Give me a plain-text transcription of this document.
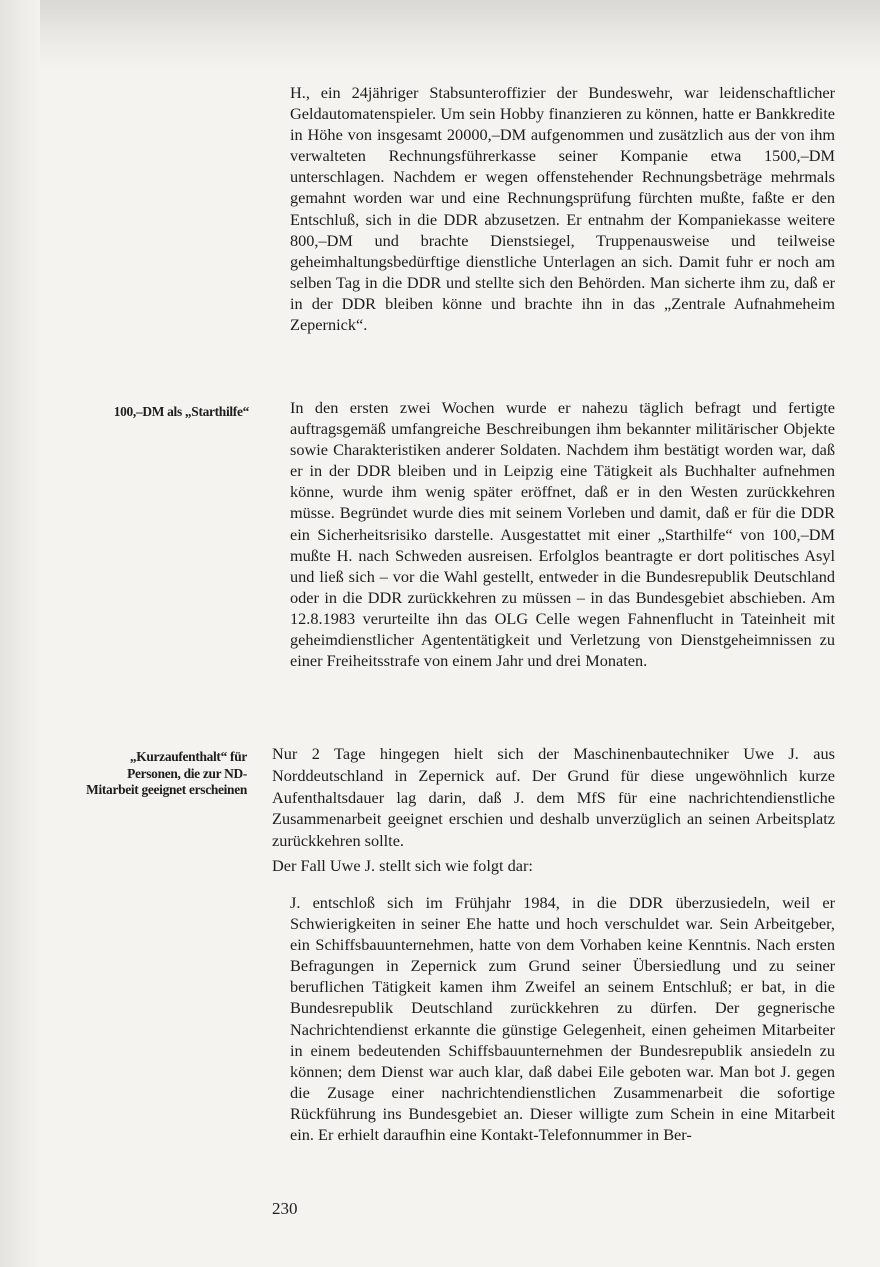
H., ein 24jähriger Stabsunteroffizier der Bundeswehr, war leidenschaftlicher Geldautomatenspieler. Um sein Hobby finanzieren zu können, hatte er Bankkredite in Höhe von insgesamt 20000,–DM aufgenommen und zusätzlich aus der von ihm verwalteten Rechnungsführerkasse seiner Kompanie etwa 1500,–DM unterschlagen. Nachdem er wegen offenstehender Rechnungsbeträge mehrmals gemahnt worden war und eine Rechnungsprüfung fürchten mußte, faßte er den Entschluß, sich in die DDR abzusetzen. Er entnahm der Kompaniekasse weitere 800,–DM und brachte Dienstsiegel, Truppenausweise und teilweise geheimhaltungsbedürftige dienstliche Unterlagen an sich. Damit fuhr er noch am selben Tag in die DDR und stellte sich den Behörden. Man sicherte ihm zu, daß er in der DDR bleiben könne und brachte ihn in das „Zentrale Aufnahmeheim Zepernick“.

100,–DM als „Starthilfe“	In den ersten zwei Wochen wurde er nahezu täglich befragt und fertigte auftragsgemäß umfangreiche Beschreibungen ihm bekannter militärischer Objekte sowie Charakteristiken anderer Soldaten. Nachdem ihm bestätigt worden war, daß er in der DDR bleiben und in Leipzig eine Tätigkeit als Buchhalter aufnehmen könne, wurde ihm wenig später eröffnet, daß er in den Westen zurückkehren müsse. Begründet wurde dies mit seinem Vorleben und damit, daß er für die DDR ein Sicherheitsrisiko darstelle. Ausgestattet mit einer „Starthilfe“ von 100,–DM mußte H. nach Schweden ausreisen. Erfolglos beantragte er dort politisches Asyl und ließ sich – vor die Wahl gestellt, entweder in die Bundesrepublik Deutschland oder in die DDR zurückkehren zu müssen – in das Bundesgebiet abschieben. Am 12.8.1983 verurteilte ihn das OLG Celle wegen Fahnenflucht in Tateinheit mit geheimdienstlicher Agententätigkeit und Verletzung von Dienstgeheimnissen zu einer Freiheitsstrafe von einem Jahr und drei Monaten.

„Kurzaufenthalt“ für Personen, die zur ND-Mitarbeit geeignet erscheinen

Nur 2 Tage hingegen hielt sich der Maschinenbautechniker Uwe J. aus Norddeutschland in Zepernick auf. Der Grund für diese ungewöhnlich kurze Aufenthaltsdauer lag darin, daß J. dem MfS für eine nachrichtendienstliche Zusammenarbeit geeignet erschien und deshalb unverzüglich an seinen Arbeitsplatz zurückkehren sollte.

Der Fall Uwe J. stellt sich wie folgt dar:

J. entschloß sich im Frühjahr 1984, in die DDR überzusiedeln, weil er Schwierigkeiten in seiner Ehe hatte und hoch verschuldet war. Sein Arbeitgeber, ein Schiffsbauunternehmen, hatte von dem Vorhaben keine Kenntnis. Nach ersten Befragungen in Zepernick zum Grund seiner Übersiedlung und zu seiner beruflichen Tätigkeit kamen ihm Zweifel an seinem Entschluß; er bat, in die Bundesrepublik Deutschland zurückkehren zu dürfen. Der gegnerische Nachrichtendienst erkannte die günstige Gelegenheit, einen geheimen Mitarbeiter in einem bedeutenden Schiffsbauunternehmen der Bundesrepublik ansiedeln zu können; dem Dienst war auch klar, daß dabei Eile geboten war. Man bot J. gegen die Zusage einer nachrichtendienstlichen Zusammenarbeit die sofortige Rückführung ins Bundesgebiet an. Dieser willigte zum Schein in eine Mitarbeit ein. Er erhielt daraufhin eine Kontakt-Telefonnummer in Ber-

230
